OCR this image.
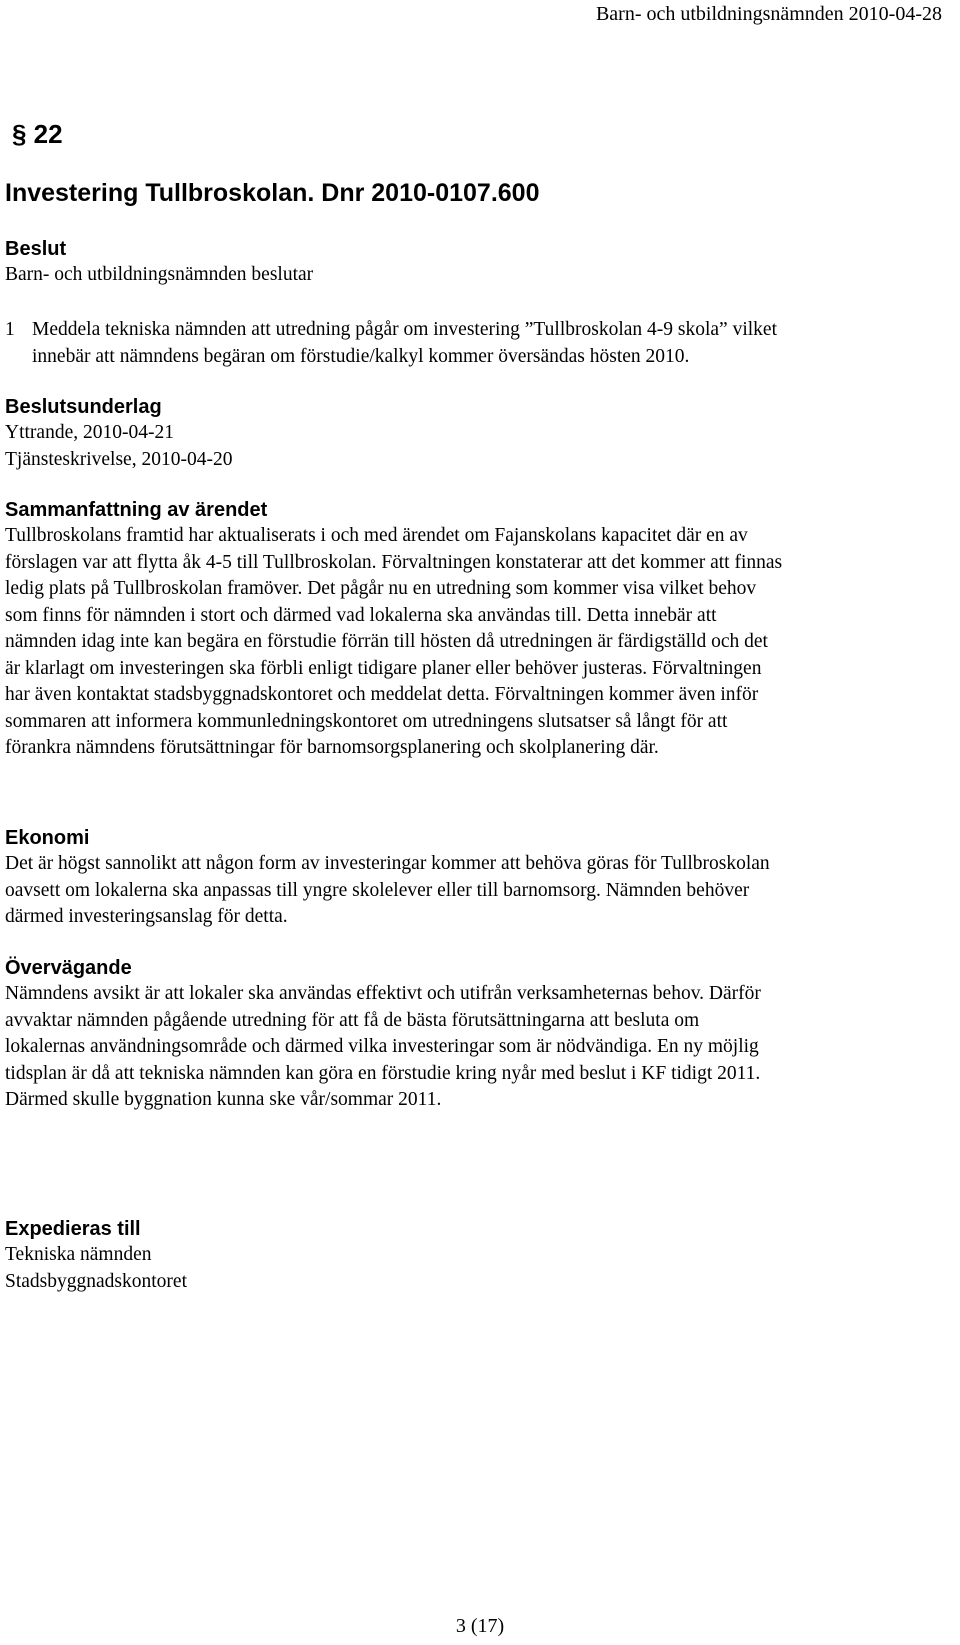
Barn- och utbildningsnämnden 2010-04-28
§ 22
Investering Tullbroskolan. Dnr 2010-0107.600
Beslut
Barn- och utbildningsnämnden beslutar
1 Meddela tekniska nämnden att utredning pågår om investering ”Tullbroskolan 4-9 skola” vilket
innebär att nämndens begäran om förstudie/kalkyl kommer översändas hösten 2010.
Beslutsunderlag
Yttrande, 2010-04-21
Tjänsteskrivelse, 2010-04-20
Sammanfattning av ärendet
Tullbroskolans framtid har aktualiserats i och med ärendet om Fajanskolans kapacitet där en av
förslagen var att flytta åk 4-5 till Tullbroskolan. Förvaltningen konstaterar att det kommer att finnas
ledig plats på Tullbroskolan framöver. Det pågår nu en utredning som kommer visa vilket behov
som finns för nämnden i stort och därmed vad lokalerna ska användas till. Detta innebär att
nämnden idag inte kan begära en förstudie förrän till hösten då utredningen är färdigställd och det
är klarlagt om investeringen ska förbli enligt tidigare planer eller behöver justeras. Förvaltningen
har även kontaktat stadsbyggnadskontoret och meddelat detta. Förvaltningen kommer även inför
sommaren att informera kommunledningskontoret om utredningens slutsatser så långt för att
förankra nämndens förutsättningar för barnomsorgsplanering och skolplanering där.
Ekonomi
Det är högst sannolikt att någon form av investeringar kommer att behöva göras för Tullbroskolan
oavsett om lokalerna ska anpassas till yngre skolelever eller till barnomsorg. Nämnden behöver
därmed investeringsanslag för detta.
Övervägande
Nämndens avsikt är att lokaler ska användas effektivt och utifrån verksamheternas behov. Därför
avvaktar nämnden pågående utredning för att få de bästa förutsättningarna att besluta om
lokalernas användningsområde och därmed vilka investeringar som är nödvändiga. En ny möjlig
tidsplan är då att tekniska nämnden kan göra en förstudie kring nyår med beslut i KF tidigt 2011.
Därmed skulle byggnation kunna ske vår/sommar 2011.
Expedieras till
Tekniska nämnden
Stadsbyggnadskontoret
3 (17)
